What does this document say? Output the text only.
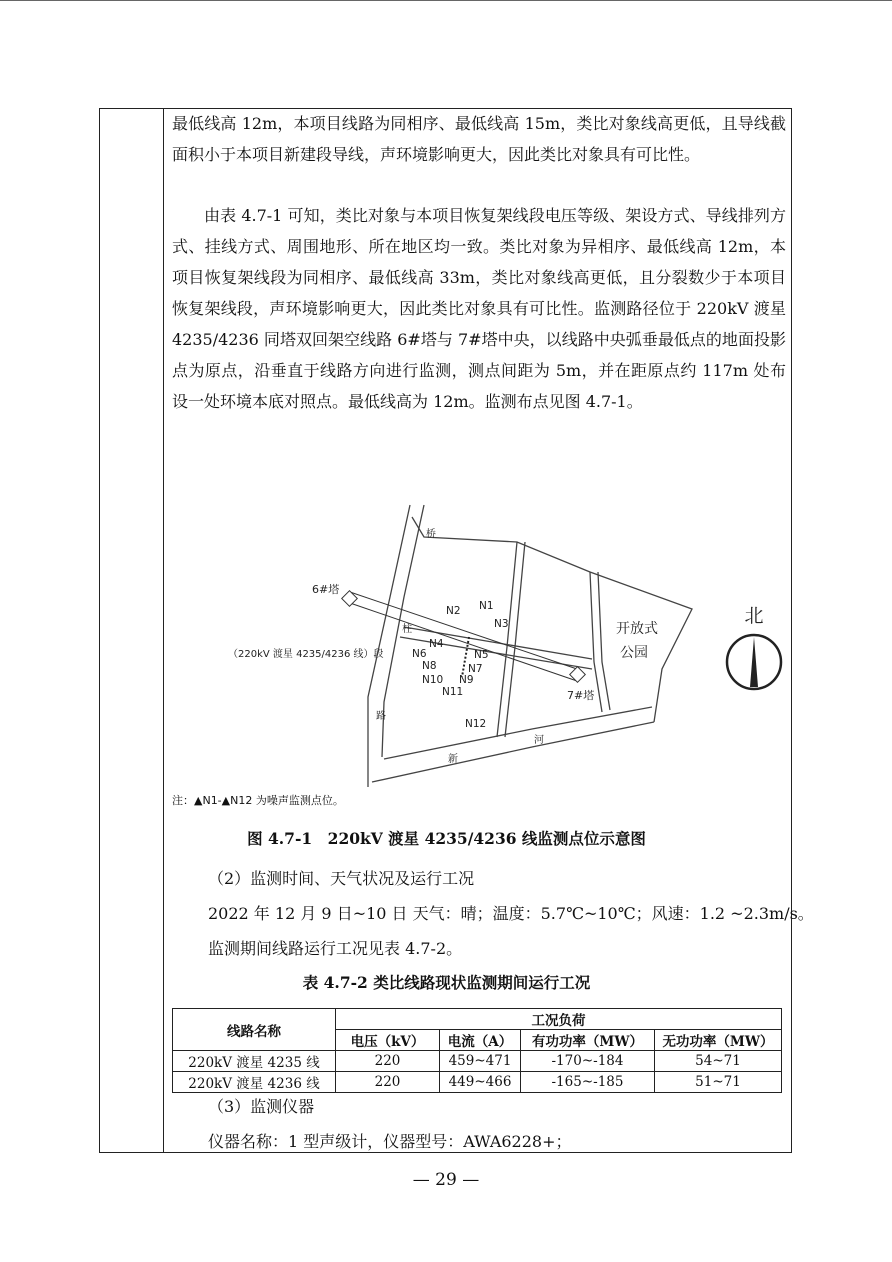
最低线高 12m，本项目线路为同相序、最低线高 15m，类比对象线高更低，且导线截面积小于本项目新建段导线，声环境影响更大，因此类比对象具有可比性。

由表 4.7-1 可知，类比对象与本项目恢复架线段电压等级、架设方式、导线排列方式、挂线方式、周围地形、所在地区均一致。类比对象为异相序、最低线高 12m，本项目恢复架线段为同相序、最低线高 33m，类比对象线高更低，且分裂数少于本项目恢复架线段，声环境影响更大，因此类比对象具有可比性。监测路径位于 220kV 渡星 4235/4236 同塔双回架空线路 6#塔与 7#塔中央，以线路中央弧垂最低点的地面投影点为原点，沿垂直于线路方向进行监测，测点间距为 5m，并在距原点约 117m 处布设一处环境本底对照点。最低线高为 12m。监测布点见图 4.7-1。

北
6#塔
7#塔
（220kV 渡星 4235/4236 线）段
开放式
公园
桥
柱
路
新
河
N1
N2
N3
N4
N5
N6
N7
N8
N9
N10
N11
N12
注：▲N1-▲N12 为噪声监测点位。
图 4.7-1　220kV 渡星 4235/4236 线监测点位示意图
（2）监测时间、天气状况及运行工况
2022 年 12 月 9 日~10 日 天气：晴；温度：5.7℃~10℃；风速：1.2 ~2.3m/s。
监测期间线路运行工况见表 4.7-2。
表 4.7-2 类比线路现状监测期间运行工况
线路名称	工况负荷			
	电压（kV）	电流（A）	有功功率（MW）	无功功率（MW）
220kV 渡星 4235 线	220	459~471	-170~-184	54~71
220kV 渡星 4236 线	220	449~466	-165~-185	51~71
（3）监测仪器
仪器名称：1 型声级计，仪器型号：AWA6228+；
— 29 —
